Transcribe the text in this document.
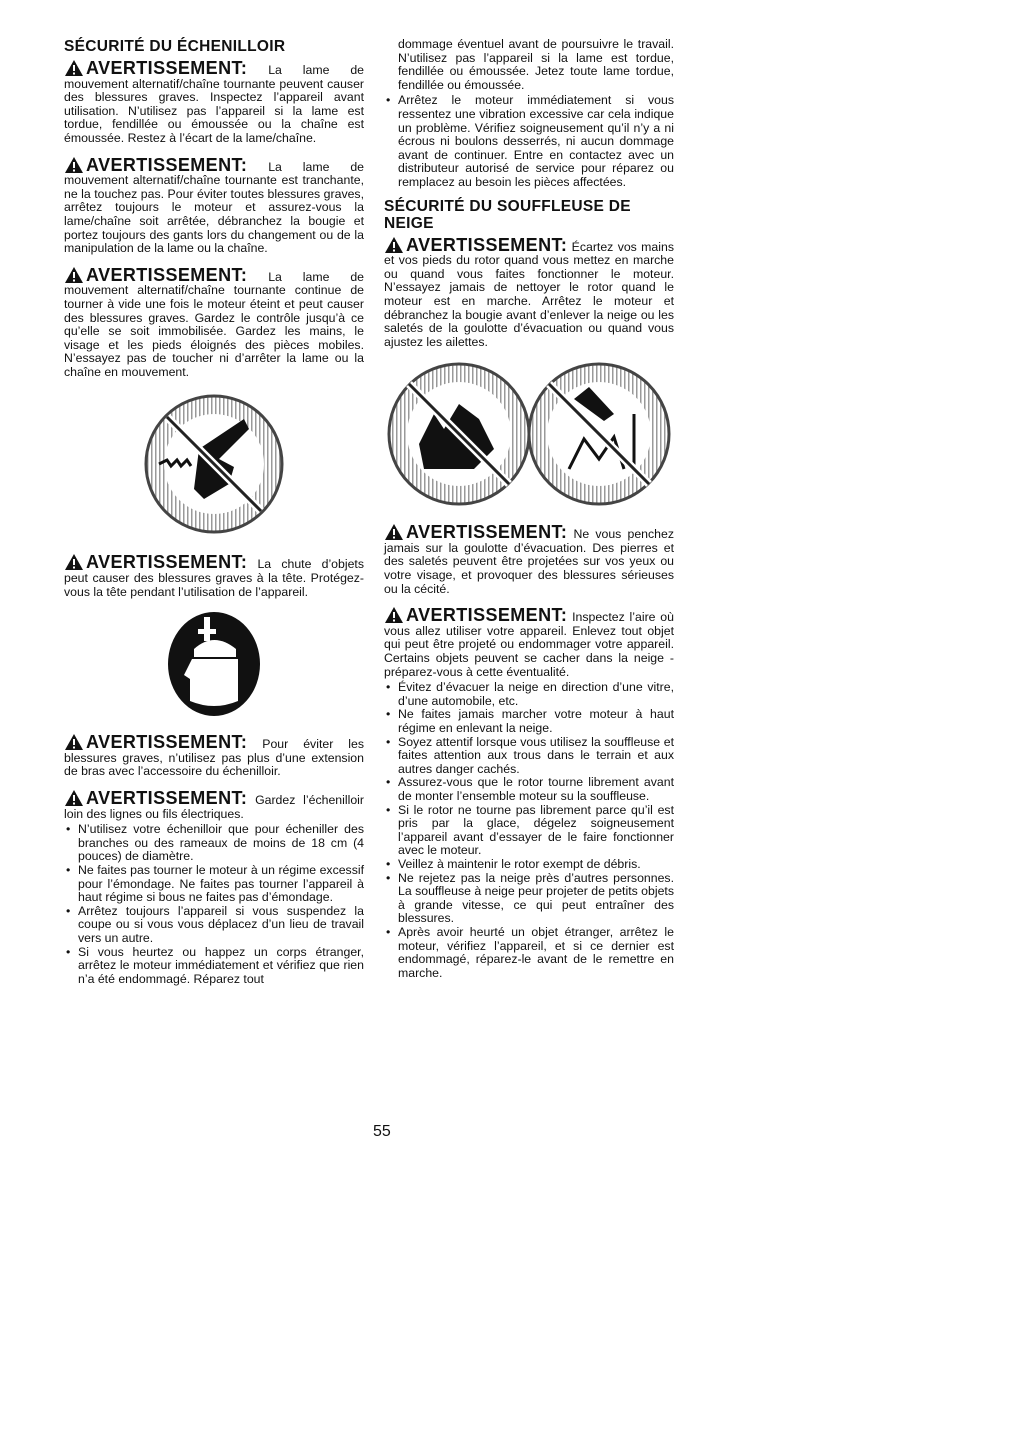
SÉCURITÉ DU ÉCHENILLOIR

AVERTISSEMENT: La lame de mouvement alternatif/chaîne tournante peuvent causer des blessures graves. Inspectez l’appareil avant utilisation. N’utilisez pas l’appareil si la lame est tordue, fendillée ou émoussée ou la chaîne est émoussée. Restez à l’écart de la lame/chaîne.

AVERTISSEMENT: La lame de mouvement alternatif/chaîne tournante est tranchante, ne la touchez pas. Pour éviter toutes blessures graves, arrêtez toujours le moteur et assurez-vous la lame/chaîne soit arrêtée, débranchez la bougie et portez toujours des gants lors du changement ou de la manipulation de la lame ou la chaîne.

AVERTISSEMENT: La lame de mouvement alternatif/chaîne tournante continue de tourner à vide une fois le moteur éteint et peut causer des blessures graves. Gardez le contrôle jusqu’à ce qu’elle se soit immobilisée. Gardez les mains, le visage et les pieds éloignés des pièces mobiles. N’essayez pas de toucher ni d’arrêter la lame ou la chaîne en mouvement.

AVERTISSEMENT: La chute d’objets peut causer des blessures graves à la tête. Protégez-vous la tête pendant l’utilisation de l’appareil.

AVERTISSEMENT: Pour éviter les blessures graves, n’utilisez pas plus d’une extension de bras avec l’accessoire du échenilloir.

AVERTISSEMENT: Gardez l’échenilloir loin des lignes ou fils électriques.

• N’utilisez votre échenilloir que pour écheniller des branches ou des rameaux de moins de 18 cm (4 pouces) de diamètre.
• Ne faites pas tourner le moteur à un régime excessif pour l’émondage. Ne faites pas tourner l’appareil à haut régime si bous ne faites pas d’émondage.
• Arrêtez toujours l’appareil si vous suspendez la coupe ou si vous vous déplacez d’un lieu de travail vers un autre.
• Si vous heurtez ou happez un corps étranger, arrêtez le moteur immédiatement et vérifiez que rien n’a été endommagé. Réparez tout

dommage éventuel avant de poursuivre le travail. N’utilisez pas l’appareil si la lame est tordue, fendillée ou émoussée. Jetez toute lame tordue, fendillée ou émoussée.

• Arrêtez le moteur immédiatement si vous ressentez une vibration excessive car cela indique un problème. Vérifiez soigneusement qu’il n’y a ni écrous ni boulons desserrés, ni aucun dommage avant de continuer. Entre en contactez avec un distributeur autorisé de service pour réparez ou remplacez au besoin les pièces affectées.
SÉCURITÉ DU SOUFFLEUSE DE NEIGE

AVERTISSEMENT: Écartez vos mains et vos pieds du rotor quand vous mettez en marche ou quand vous faites fonctionner le moteur. N’essayez jamais de nettoyer le rotor quand le moteur est en marche. Arrêtez le moteur et débranchez la bougie avant d’enlever la neige ou les saletés de la goulotte d’évacuation ou quand vous ajustez les ailettes.

AVERTISSEMENT: Ne vous penchez jamais sur la goulotte d’évacuation. Des pierres et des saletés peuvent être projetées sur vos yeux ou votre visage, et provoquer des blessures sérieuses ou la cécité.

AVERTISSEMENT: Inspectez l’aire où vous allez utiliser votre appareil. Enlevez tout objet qui peut être projeté ou endommager votre appareil. Certains objets peuvent se cacher dans la neige - préparez-vous à cette éventualité.

• Évitez d’évacuer la neige en direction d’une vitre, d’une automobile, etc.
• Ne faites jamais marcher votre moteur à haut régime en enlevant la neige.
• Soyez attentif lorsque vous utilisez la souffleuse et faites attention aux trous dans le terrain et aux autres danger cachés.
• Assurez-vous que le rotor tourne librement avant de monter l’ensemble moteur su la souffleuse.
• Si le rotor ne tourne pas librement parce qu’il est pris par la glace, dégelez soigneusement l’appareil avant d’essayer de le faire fonctionner avec le moteur.
• Veillez à maintenir le rotor exempt de débris.
• Ne rejetez pas la neige près d’autres personnes. La souffleuse à neige peur projeter de petits objets à grande vitesse, ce qui peut entraîner des blessures.
• Après avoir heurté un objet étranger, arrêtez le moteur, vérifiez l’appareil, et si ce dernier est endommagé, réparez-le avant de le remettre en marche.
55
